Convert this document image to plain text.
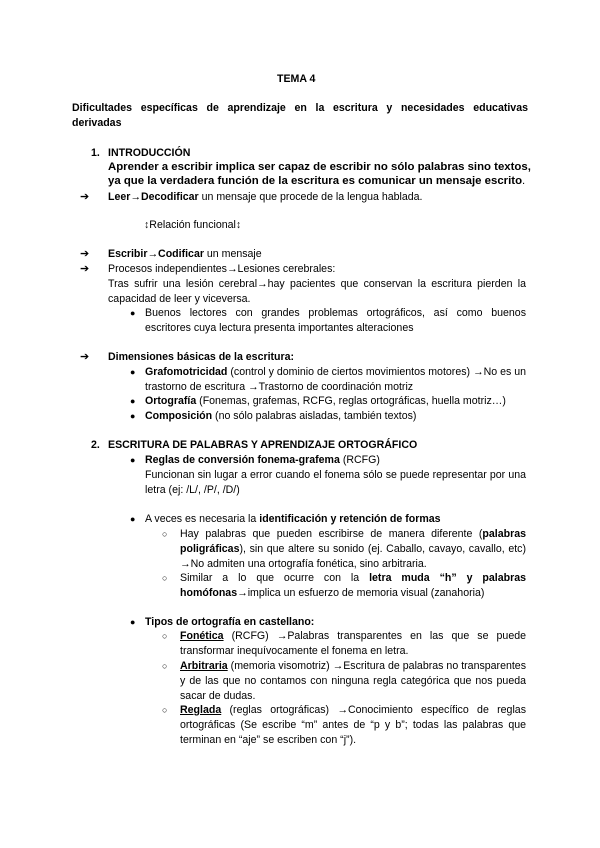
TEMA 4
Dificultades específicas de aprendizaje en la escritura y necesidades educativas derivadas
1. INTRODUCCIÓN
Aprender a escribir implica ser capaz de escribir no sólo palabras sino textos,
ya que la verdadera función de la escritura es comunicar un mensaje escrito.
➔ Leer→Decodificar un mensaje que procede de la lengua hablada.
↕Relación funcional↕
➔ Escribir→Codificar un mensaje
➔ Procesos independientes→Lesiones cerebrales:
Tras sufrir una lesión cerebral→hay pacientes que conservan la escritura pierden la capacidad de leer y viceversa.
● Buenos lectores con grandes problemas ortográficos, así como buenos escritores cuya lectura presenta importantes alteraciones
➔ Dimensiones básicas de la escritura:
● Grafomotricidad (control y dominio de ciertos movimientos motores) →No es un trastorno de escritura →Trastorno de coordinación motriz
● Ortografía (Fonemas, grafemas, RCFG, reglas ortográficas, huella motriz…)
● Composición (no sólo palabras aisladas, también textos)
2. ESCRITURA DE PALABRAS Y APRENDIZAJE ORTOGRÁFICO
● Reglas de conversión fonema-grafema (RCFG)
Funcionan sin lugar a error cuando el fonema sólo se puede representar por una letra (ej: /L/, /P/, /D/)
● A veces es necesaria la identificación y retención de formas
○ Hay palabras que pueden escribirse de manera diferente (palabras poligráficas), sin que altere su sonido (ej. Caballo, cavayo, cavallo, etc) →No admiten una ortografía fonética, sino arbitraria.
○ Similar a lo que ocurre con la letra muda “h” y palabras homófonas→implica un esfuerzo de memoria visual (zanahoria)
● Tipos de ortografía en castellano:
○ Fonética (RCFG) →Palabras transparentes en las que se puede transformar inequívocamente el fonema en letra.
○ Arbitraria (memoria visomotriz) →Escritura de palabras no transparentes y de las que no contamos con ninguna regla categórica que nos pueda sacar de dudas.
○ Reglada (reglas ortográficas) →Conocimiento específico de reglas ortográficas (Se escribe “m” antes de “p y b”; todas las palabras que terminan en “aje” se escriben con “j”).
